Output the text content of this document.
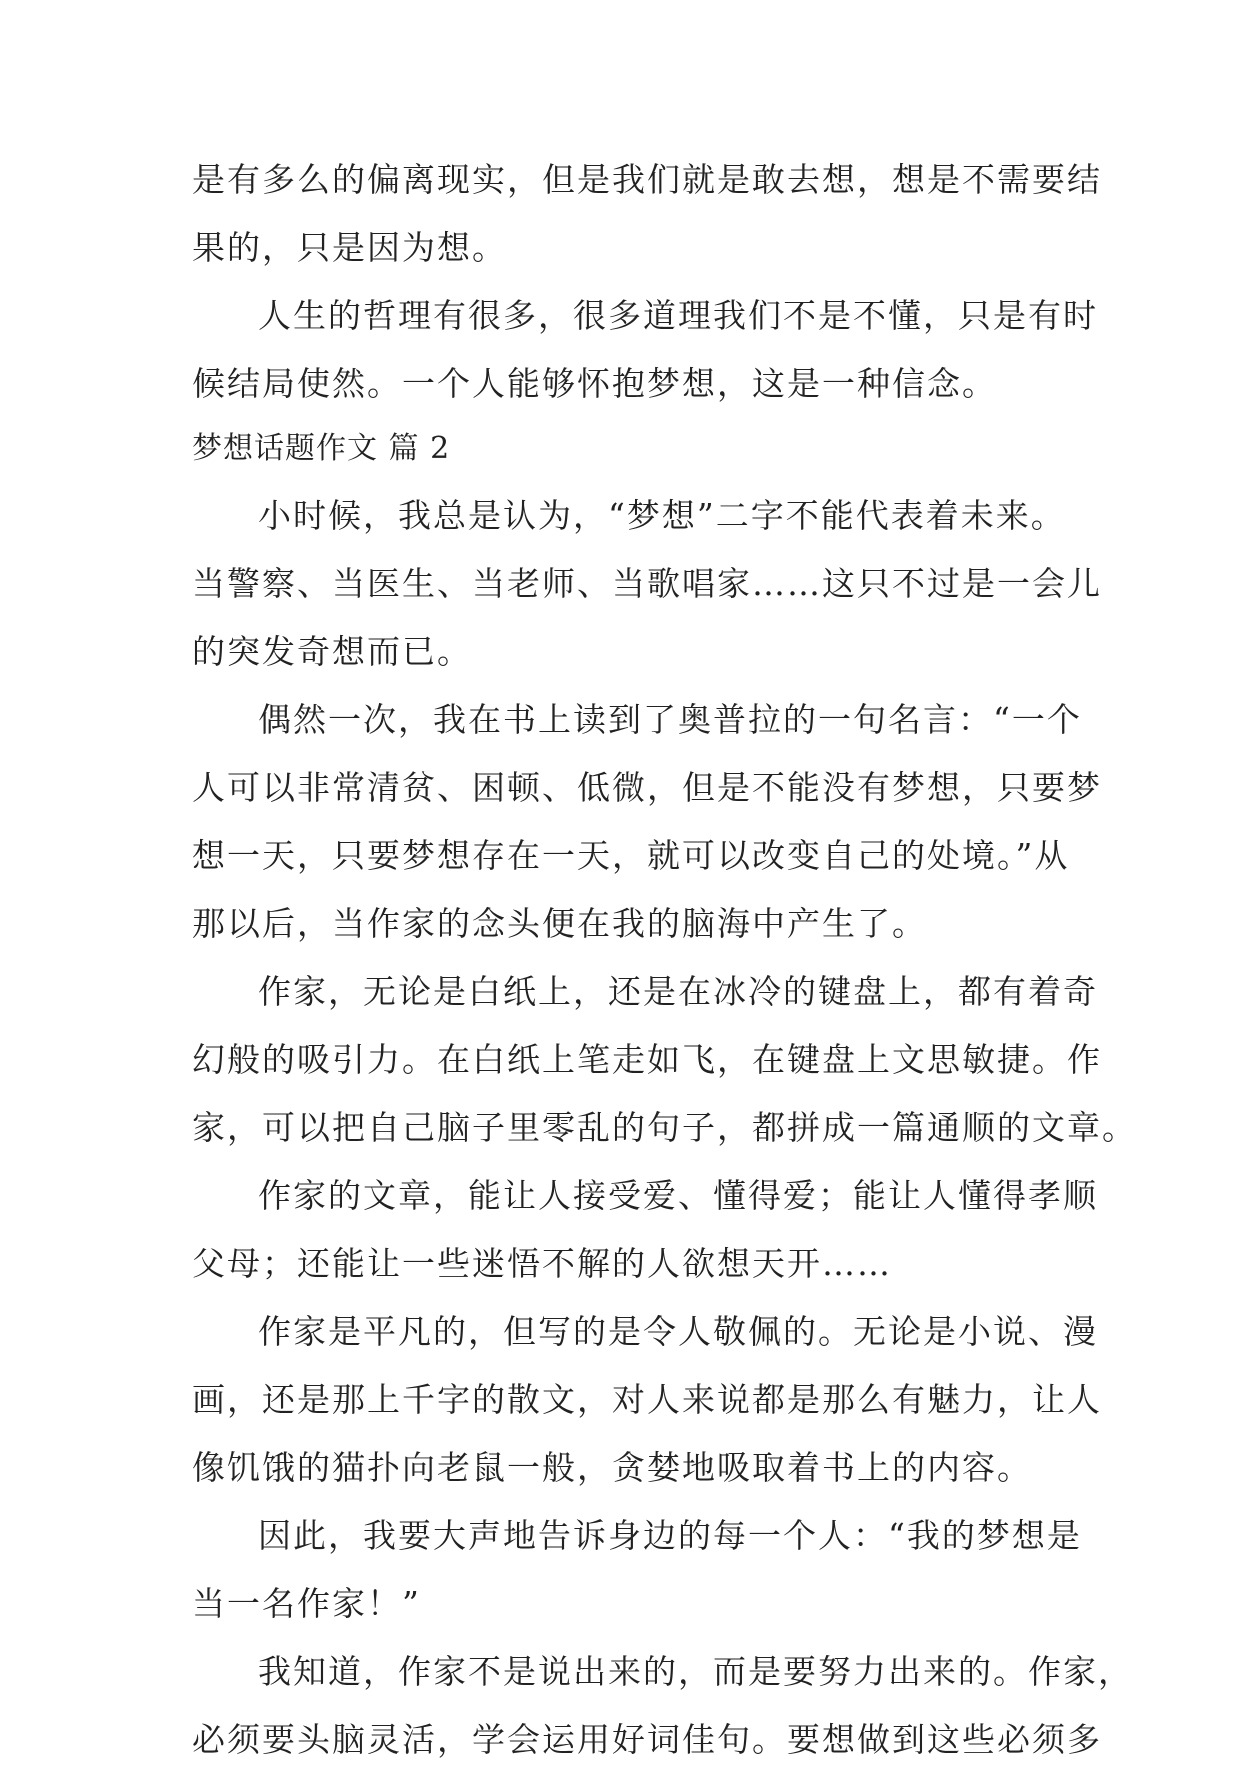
是有多么的偏离现实，但是我们就是敢去想，想是不需要结
果的，只是因为想。
人生的哲理有很多，很多道理我们不是不懂，只是有时
候结局使然。一个人能够怀抱梦想，这是一种信念。
梦想话题作文 篇 2
小时候，我总是认为，“梦想”二字不能代表着未来。
当警察、当医生、当老师、当歌唱家……这只不过是一会儿
的突发奇想而已。
偶然一次，我在书上读到了奥普拉的一句名言：“一个
人可以非常清贫、困顿、低微，但是不能没有梦想，只要梦
想一天，只要梦想存在一天，就可以改变自己的处境。”从
那以后，当作家的念头便在我的脑海中产生了。
作家，无论是白纸上，还是在冰冷的键盘上，都有着奇
幻般的吸引力。在白纸上笔走如飞，在键盘上文思敏捷。作
家，可以把自己脑子里零乱的句子，都拼成一篇通顺的文章。
作家的文章，能让人接受爱、懂得爱；能让人懂得孝顺
父母；还能让一些迷悟不解的人欲想天开……
作家是平凡的，但写的是令人敬佩的。无论是小说、漫
画，还是那上千字的散文，对人来说都是那么有魅力，让人
像饥饿的猫扑向老鼠一般，贪婪地吸取着书上的内容。
因此，我要大声地告诉身边的每一个人：“我的梦想是
当一名作家！”
我知道，作家不是说出来的，而是要努力出来的。作家，
必须要头脑灵活，学会运用好词佳句。要想做到这些必须多
